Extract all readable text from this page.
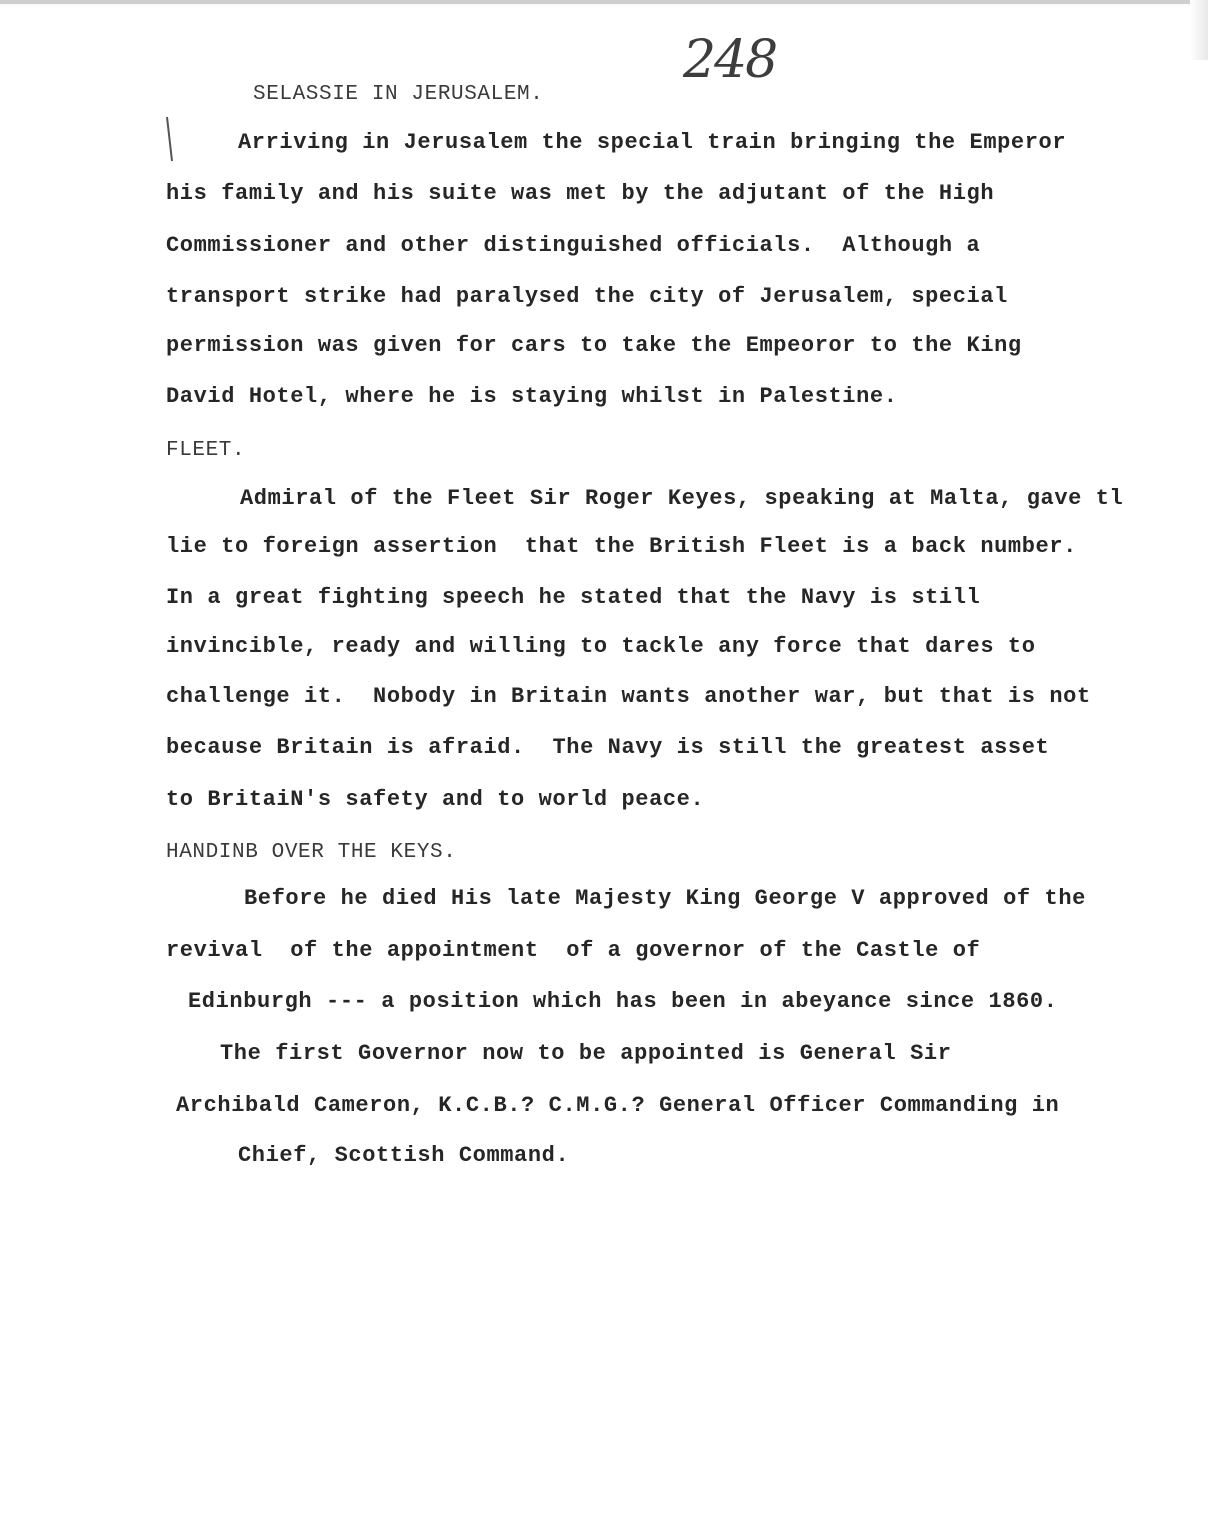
248
SELASSIE IN JERUSALEM.
Arriving in Jerusalem the special train bringing the Emperor
his family and his suite was met by the adjutant of the High
Commissioner and other distinguished officials.  Although a
transport strike had paralysed the city of Jerusalem, special
permission was given for cars to take the Empeoror to the King
David Hotel, where he is staying whilst in Palestine.
FLEET.
Admiral of the Fleet Sir Roger Keyes, speaking at Malta, gave tl
lie to foreign assertion  that the British Fleet is a back number.
In a great fighting speech he stated that the Navy is still
invincible, ready and willing to tackle any force that dares to
challenge it.  Nobody in Britain wants another war, but that is not
because Britain is afraid.  The Navy is still the greatest asset
to BritaiN's safety and to world peace.
HANDINB OVER THE KEYS.
Before he died His late Majesty King George V approved of the
revival  of the appointment  of a governor of the Castle of
Edinburgh --- a position which has been in abeyance since 1860.
The first Governor now to be appointed is General Sir
Archibald Cameron, K.C.B.? C.M.G.? General Officer Commanding in
Chief, Scottish Command.
